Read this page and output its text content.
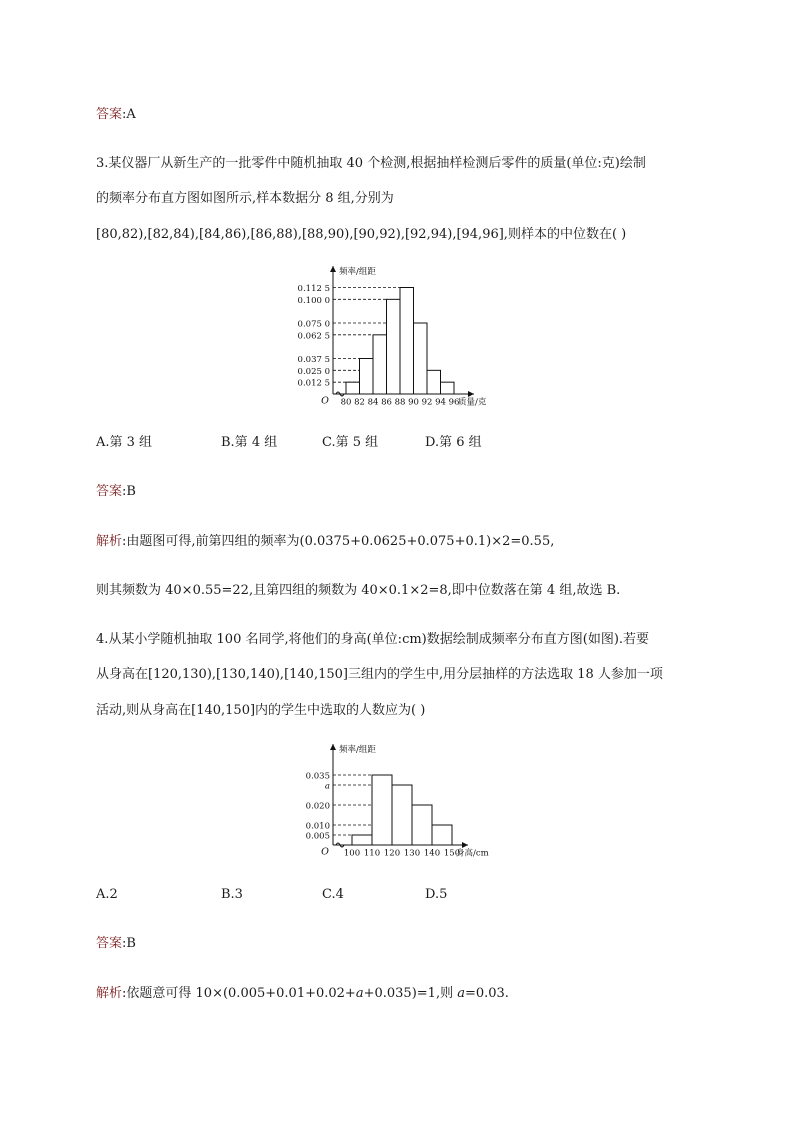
答案:A
3.某仪器厂从新生产的一批零件中随机抽取 40 个检测,根据抽样检测后零件的质量(单位:克)绘制
的频率分布直方图如图所示,样本数据分 8 组,分别为
[80,82),[82,84),[84,86),[86,88),[88,90),[90,92),[92,94),[94,96],则样本的中位数在( )
0.112 5
0.100 0
0.075 0
0.062 5
0.037 5
0.025 0
0.012 5
80 82 84 86 88 90 92 94 96
O	质量/克
频率/组距
A.第 3 组	B.第 4 组	C.第 5 组	D.第 6 组
答案:B
解析:由题图可得,前第四组的频率为(0.0375+0.0625+0.075+0.1)×2=0.55,
则其频数为 40×0.55=22,且第四组的频数为 40×0.1×2=8,即中位数落在第 4 组,故选 B.
4.从某小学随机抽取 100 名同学,将他们的身高(单位:cm)数据绘制成频率分布直方图(如图).若要
从身高在[120,130),[130,140),[140,150]三组内的学生中,用分层抽样的方法选取 18 人参加一项
活动,则从身高在[140,150]内的学生中选取的人数应为( )
0.035
a
0.020
0.010
0.005
100 110 120 130 140 150
O	身高/cm
频率/组距
A.2	B.3	C.4	D.5
答案:B
解析:依题意可得 10×(0.005+0.01+0.02+a+0.035)=1,则 a=0.03.
